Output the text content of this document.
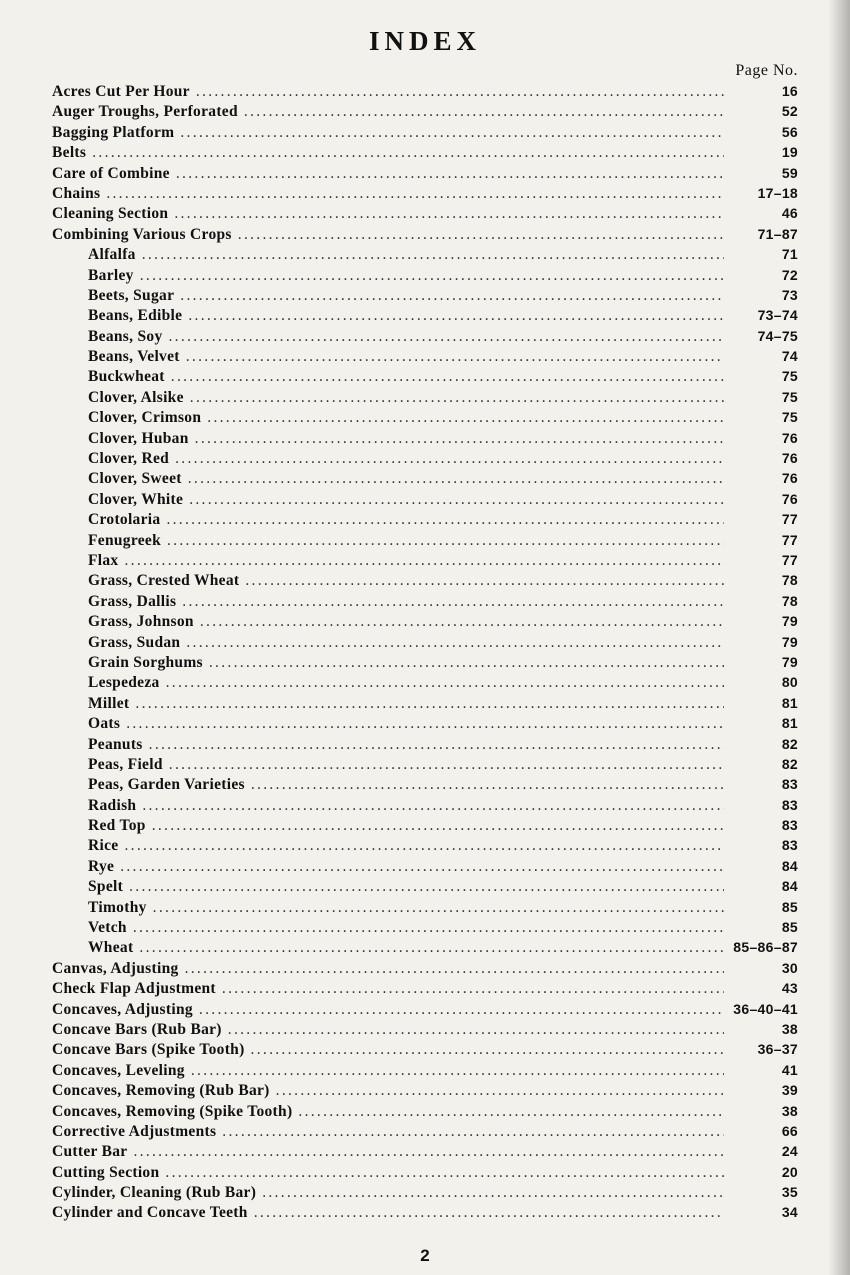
INDEX
Page No.
Acres Cut Per Hour .....	16
Auger Troughs, Perforated .....	52
Bagging Platform .....	56
Belts .....	19
Care of Combine .....	59
Chains .....	17–18
Cleaning Section .....	46
Combining Various Crops .....	71–87
Alfalfa .....	71
Barley .....	72
Beets, Sugar .....	73
Beans, Edible .....	73–74
Beans, Soy .....	74–75
Beans, Velvet .....	74
Buckwheat .....	75
Clover, Alsike .....	75
Clover, Crimson .....	75
Clover, Huban .....	76
Clover, Red .....	76
Clover, Sweet .....	76
Clover, White .....	76
Crotolaria .....	77
Fenugreek .....	77
Flax .....	77
Grass, Crested Wheat .....	78
Grass, Dallis .....	78
Grass, Johnson .....	79
Grass, Sudan .....	79
Grain Sorghums .....	79
Lespedeza .....	80
Millet .....	81
Oats .....	81
Peanuts .....	82
Peas, Field .....	82
Peas, Garden Varieties .....	83
Radish .....	83
Red Top .....	83
Rice .....	83
Rye .....	84
Spelt .....	84
Timothy .....	85
Vetch .....	85
Wheat .....	85–86–87
Canvas, Adjusting .....	30
Check Flap Adjustment .....	43
Concaves, Adjusting .....	36–40–41
Concave Bars (Rub Bar) .....	38
Concave Bars (Spike Tooth) .....	36–37
Concaves, Leveling .....	41
Concaves, Removing (Rub Bar) .....	39
Concaves, Removing (Spike Tooth) .....	38
Corrective Adjustments .....	66
Cutter Bar .....	24
Cutting Section .....	20
Cylinder, Cleaning (Rub Bar) .....	35
Cylinder and Concave Teeth .....	34
2
